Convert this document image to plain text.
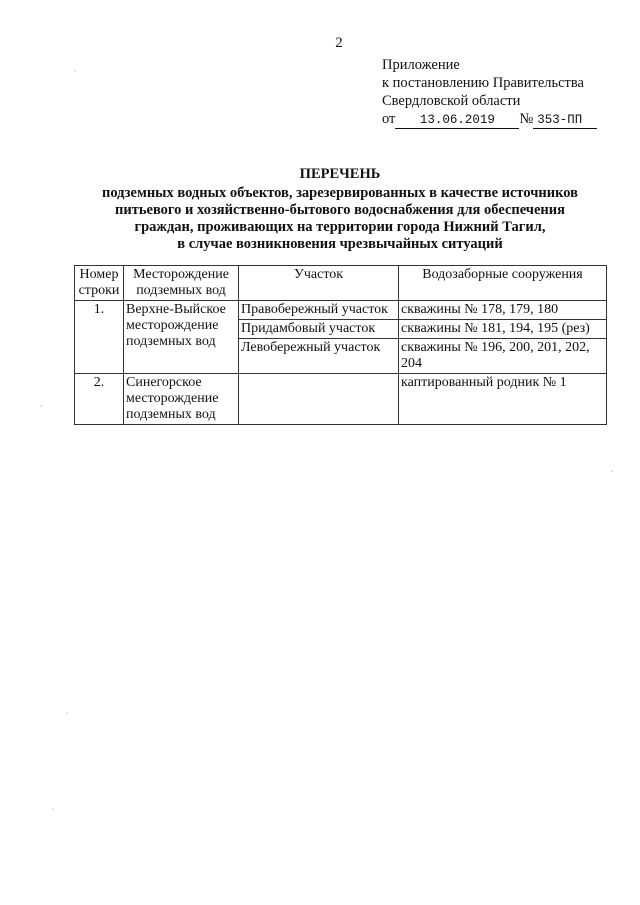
2
Приложение
к постановлению Правительства
Свердловской области
от 13.06.2019 № 353-ПП
ПЕРЕЧЕНЬ
подземных водных объектов, зарезервированных в качестве источников
питьевого и хозяйственно-бытового водоснабжения для обеспечения
граждан, проживающих на территории города Нижний Тагил,
в случае возникновения чрезвычайных ситуаций
Номер строки	Месторождение подземных вод	Участок	Водозаборные сооружения
1.	Верхне-Выйское месторождение подземных вод	Правобережный участок	скважины № 178, 179, 180
		Придамбовый участок	скважины № 181, 194, 195 (рез)
		Левобережный участок	скважины № 196, 200, 201, 202, 204
2.	Синегорское месторождение подземных вод		каптированный родник № 1
